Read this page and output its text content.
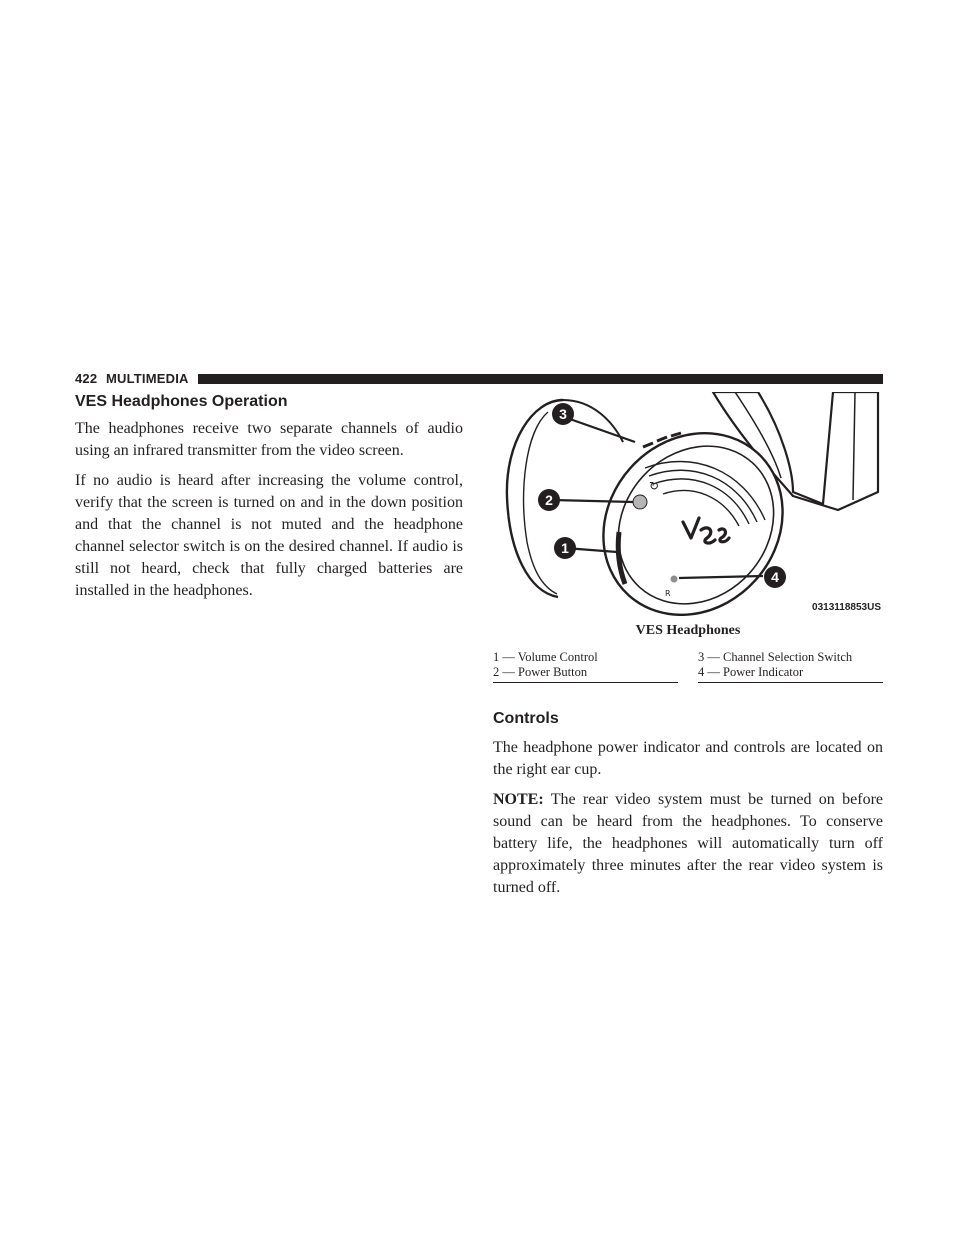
422 MULTIMEDIA
VES Headphones Operation

The headphones receive two separate channels of audio using an infrared transmitter from the video screen.

If no audio is heard after increasing the volume control, verify that the screen is turned on and in the down position and that the channel is not muted and the headphone channel selector switch is on the desired channel. If audio is still not heard, check that fully charged batteries are installed in the headphones.

↻
R
3
2
1
4
0313118853US
VES Headphones
1 — Volume Control
2 — Power Button
3 — Channel Selection Switch
4 — Power Indicator
Controls

The headphone power indicator and controls are located on the right ear cup.

NOTE: The rear video system must be turned on before sound can be heard from the headphones. To conserve battery life, the headphones will automatically turn off approximately three minutes after the rear video system is turned off.
